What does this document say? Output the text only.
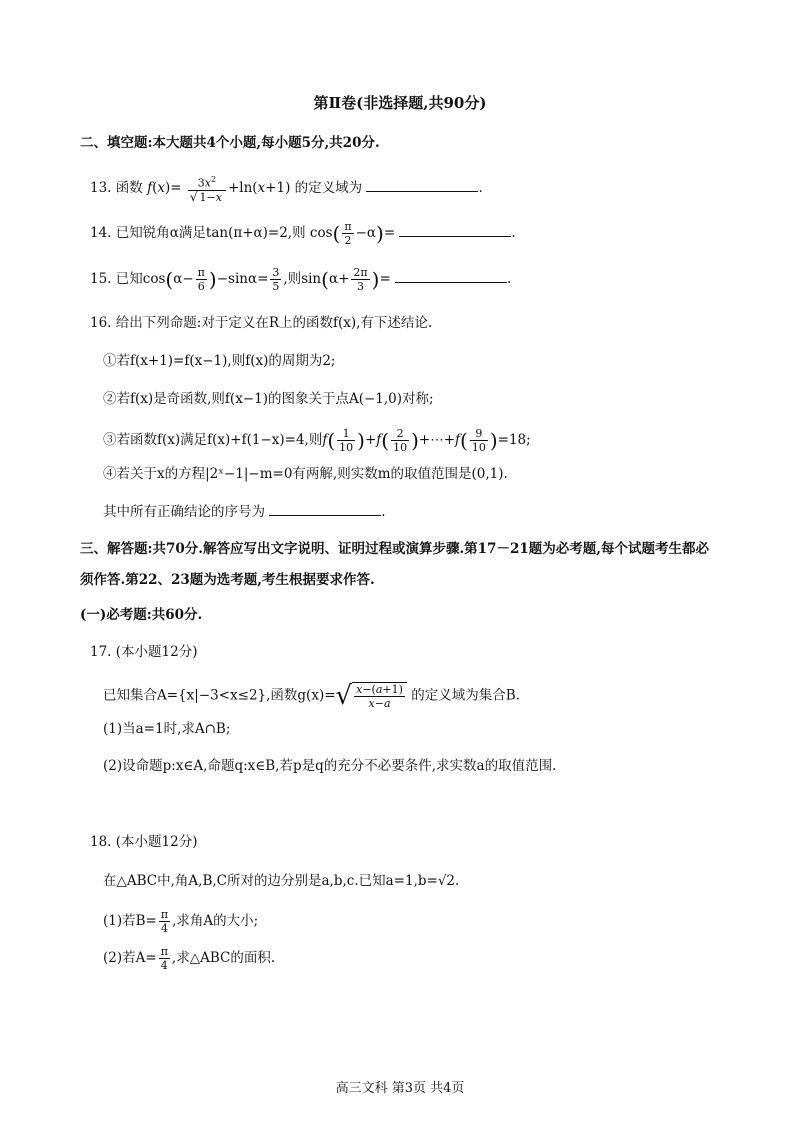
第Ⅱ卷(非选择题,共90分)
二、填空题:本大题共4个小题,每小题5分,共20分.
13. 函数 $f(x)= \frac{3x^2}{√ 1-x} +\ln(x+1)$ 的定义域为	.
14. 已知锐角α满足tan(π+α)=2,则 $\cos( \frac{\pi}{2} -\alpha)=$	.
15. 已知$\cos(\alpha- \frac{\pi}{6} )-\sin\alpha= \frac{3}{5}$ ,则$\sin(\alpha+ \frac{2\pi}{3}$ )=	.
16. 给出下列命题:对于定义在R上的函数f(x),有下述结论.
①若f(x+1)=f(x−1),则f(x)的周期为2;
②若f(x)是奇函数,则f(x−1)的图象关于点A(−1,0)对称;
③若函数f(x)满足f(x)+f(1−x)=4,则$f( \frac{1}{10} )+f( \frac{2}{10}$ )+⋯+f( $\frac{9}{10} )=18$;
④若关于x的方程|2ˣ−1|−m=0有两解,则实数m的取值范围是(0,1).
其中所有正确结论的序号为	.
三、解答题:共70分.解答应写出文字说明、证明过程或演算步骤.第17－21题为必考题,每个试题考生都必
须作答.第22、23题为选考题,考生根据要求作答.
(一)必考题:共60分.
17. (本小题12分)
已知集合A={x|−3<x≤2},函数$g(x)=√ \frac{x-(a+1)}{x-a}$ 的定义域为集合B.
(1)当a=1时,求A∩B;
(2)设命题p:x∈A,命题q:x∈B,若p是q的充分不必要条件,求实数a的取值范围.
18. (本小题12分)
在△ABC中,角A,B,C所对的边分别是a,b,c.已知a=1,b=√2.
(1)若$B= \frac{\pi}{4}$ ,求角A的大小;
(2)若$A= \frac{\pi}{4}$ ,求△ABC的面积.
高三文科 第3页 共4页
